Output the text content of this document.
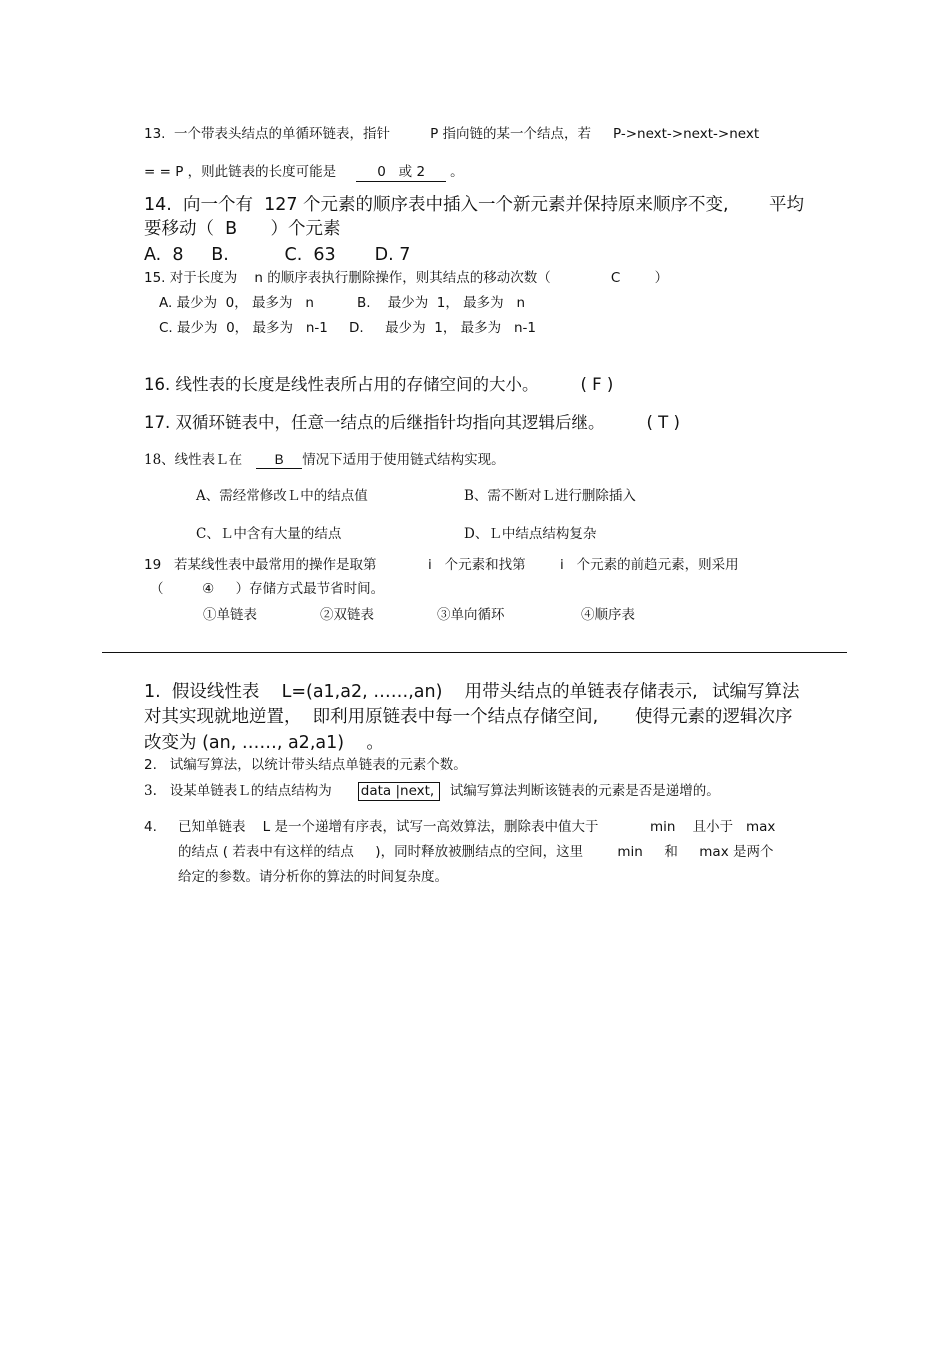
13.  一个带表头结点的单循环链表，指针	P 指向链的某一个结点，若 P->next->next->next
= = P ，则此链表的长度可能是	0   或 2 。
14.  向一个有  127 个元素的顺序表中插入一个新元素并保持原来顺序不变, 平均
要移动（  B      ）个元素
A.  8     B.          C.  63       D. 7
15. 对于长度为    n 的顺序表执行删除操作，则其结点的移动次数（              C        ）
A. 最少为  0， 最多为   n	B.    最少为  1， 最多为   n
C. 最少为  0， 最多为   n-1 D.     最少为  1， 最多为   n-1
16. 线性表的长度是线性表所占用的存储空间的大小。        ( F )
17. 双循环链表中，任意一结点的后继指针均指向其逻辑后继。        ( T )
18、线性表Ｌ在 B 情况下适用于使用链式结构实现。
A、需经常修改Ｌ中的结点值	B、需不断对Ｌ进行删除插入
C、Ｌ中含有大量的结点	D、Ｌ中结点结构复杂
19   若某线性表中最常用的操作是取第            i   个元素和找第        i   个元素的前趋元素，则采用
（         ④     ）存储方式最节省时间。
①单链表	②双链表	③单向循环	④顺序表
1.  假设线性表    L=(a1,a2, ……,an)    用带头结点的单链表存储表示, 试编写算法
对其实现就地逆置，  即利用原链表中每一个结点存储空间, 使得元素的逻辑次序
改变为 (an, ……, a2,a1)    。
2.   试编写算法，以统计带头结点单链表的元素个数。
3.   设某单链表Ｌ的结点结构为 data |next, 试编写算法判断该链表的元素是否是递增的。
4. 已知单链表    L 是一个递增有序表，试写一高效算法，删除表中值大于            min    且小于   max
的结点 ( 若表中有这样的结点     )，同时释放被删结点的空间，这里        min     和     max 是两个
给定的参数。请分析你的算法的时间复杂度。
